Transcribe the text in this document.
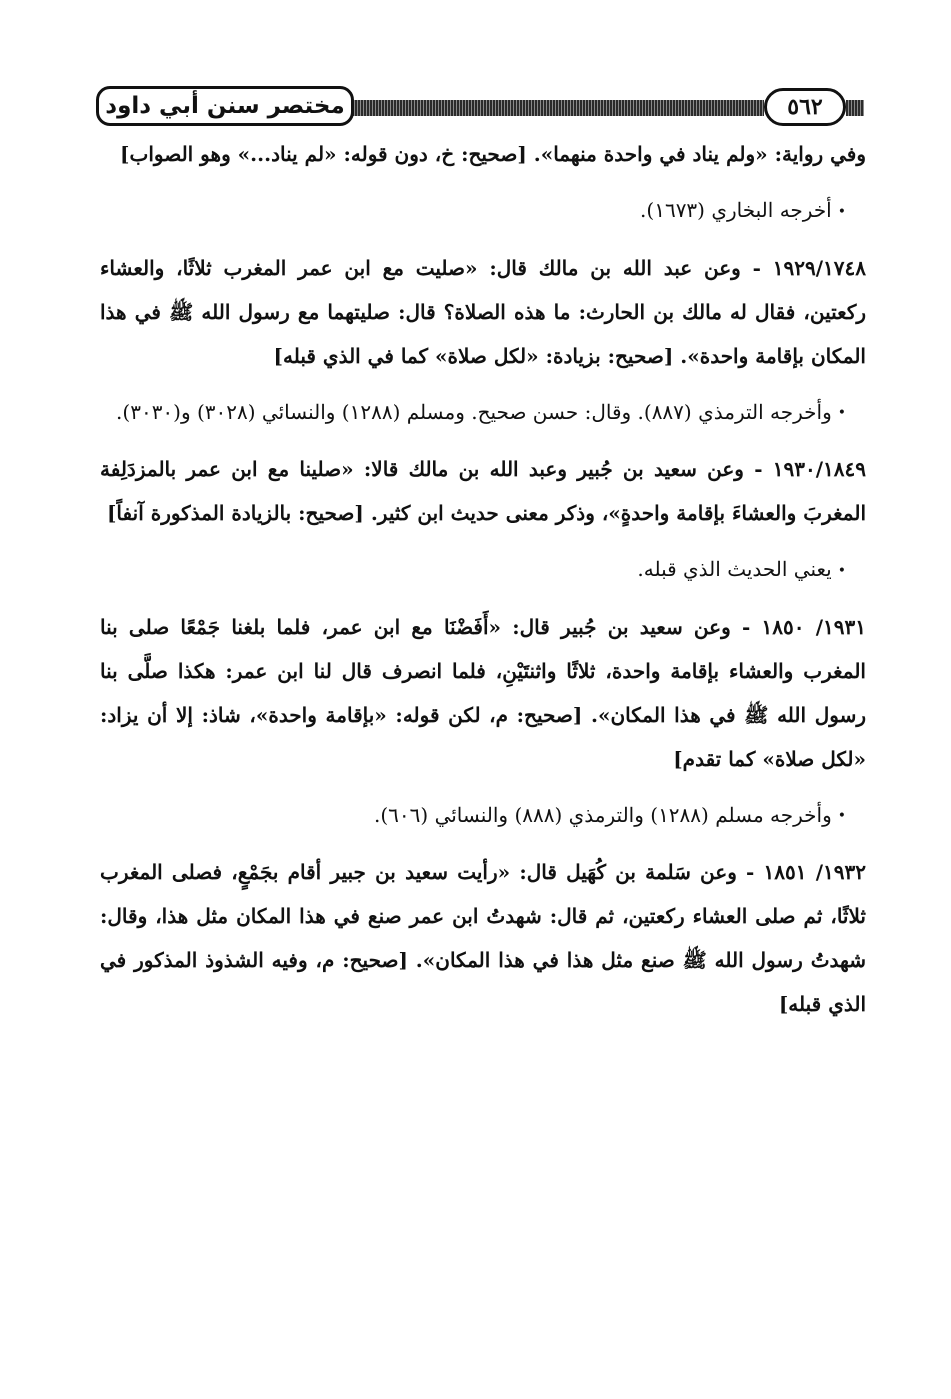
مختصر سنن أبي داود	٥٦٢

وفي رواية: «ولم يناد في واحدة منهما». [صحيح: خ، دون قوله: «لم يناد...» وهو الصواب]

•أخرجه البخاري (١٦٧٣).

١٩٢٩/١٧٤٨ - وعن عبد الله بن مالك قال: «صليت مع ابن عمر المغرب ثلاثًا، والعشاء ركعتين، فقال له مالك بن الحارث: ما هذه الصلاة؟ قال: صليتهما مع رسول الله ﷺ في هذا المكان بإقامة واحدة». [صحيح: بزيادة: «لكل صلاة» كما في الذي قبله]

•وأخرجه الترمذي (٨٨٧). وقال: حسن صحيح. ومسلم (١٢٨٨) والنسائي (٣٠٢٨) و(٣٠٣٠).

١٩٣٠/١٨٤٩ - وعن سعيد بن جُبير وعبد الله بن مالك قالا: «صلينا مع ابن عمر بالمزدَلِفة المغربَ والعشاءَ بإقامة واحدةٍ»، وذكر معنى حديث ابن كثير. [صحيح: بالزيادة المذكورة آنفاً]

•يعني الحديث الذي قبله.

١٩٣١/ ١٨٥٠ - وعن سعيد بن جُبير قال: «أَفَضْنَا مع ابن عمر، فلما بلغنا جَمْعًا صلى بنا المغرب والعشاء بإقامة واحدة، ثلاثًا واثنتَيْنِ، فلما انصرف قال لنا ابن عمر: هكذا صلَّى بنا رسول الله ﷺ في هذا المكان». [صحيح: م، لكن قوله: «بإقامة واحدة»، شاذ: إلا أن يزاد: «لكل صلاة» كما تقدم]

•وأخرجه مسلم (١٢٨٨) والترمذي (٨٨٨) والنسائي (٦٠٦).

١٩٣٢/ ١٨٥١ - وعن سَلمة بن كُهَيل قال: «رأيت سعيد بن جبير أقام بجَمْعٍ، فصلى المغرب ثلاثًا، ثم صلى العشاء ركعتين، ثم قال: شهدتُ ابن عمر صنع في هذا المكان مثل هذا، وقال: شهدتُ رسول الله ﷺ صنع مثل هذا في هذا المكان». [صحيح: م، وفيه الشذوذ المذكور في الذي قبله]
